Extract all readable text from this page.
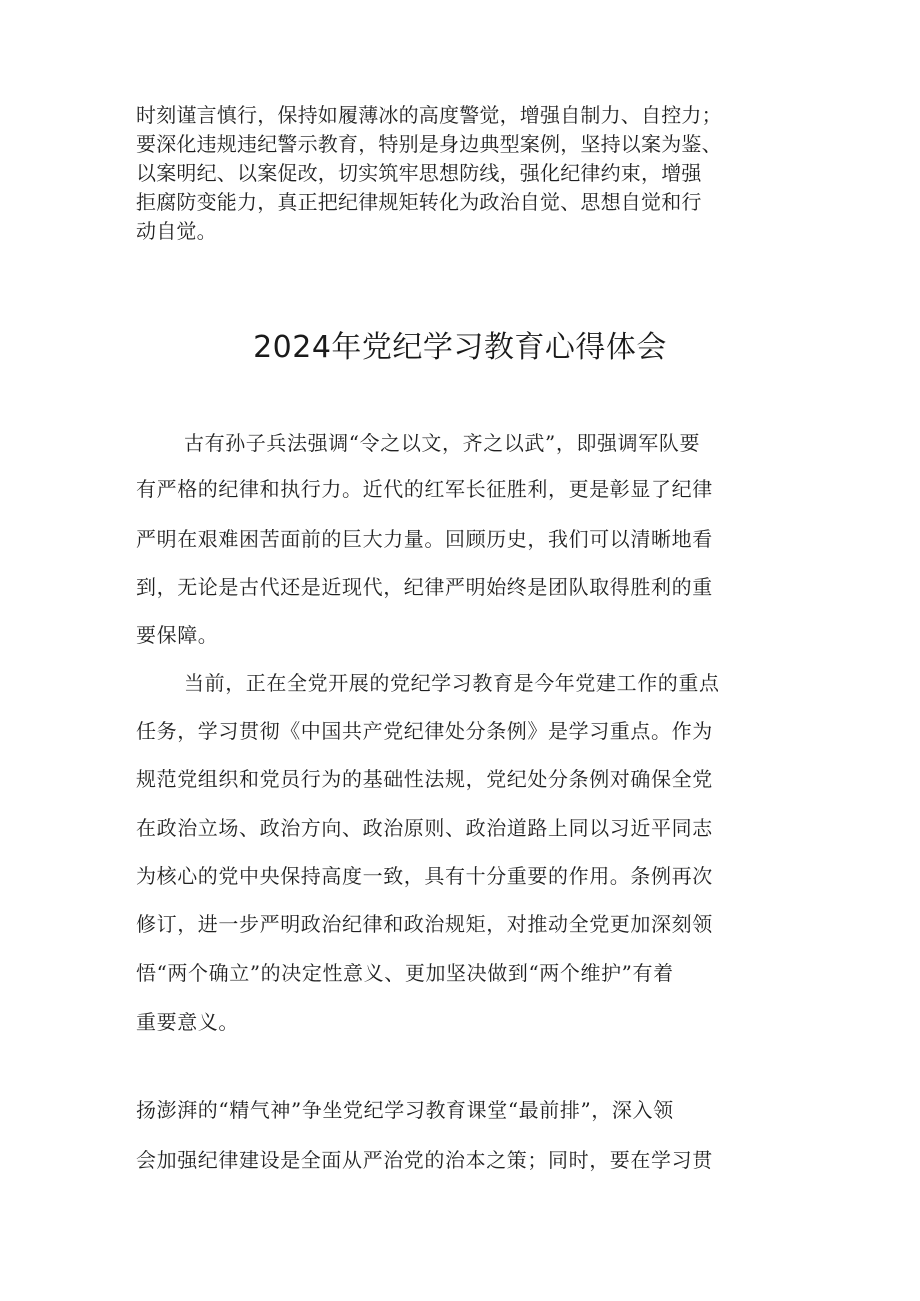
时刻谨言慎行，保持如履薄冰的高度警觉，增强自制力、自控力；
要深化违规违纪警示教育，特别是身边典型案例，坚持以案为鉴、
以案明纪、以案促改，切实筑牢思想防线，强化纪律约束，增强
拒腐防变能力，真正把纪律规矩转化为政治自觉、思想自觉和行
动自觉。
2024年党纪学习教育心得体会
古有孙子兵法强调“令之以文，齐之以武”，即强调军队要
有严格的纪律和执行力。近代的红军长征胜利，更是彰显了纪律
严明在艰难困苦面前的巨大力量。回顾历史，我们可以清晰地看
到，无论是古代还是近现代，纪律严明始终是团队取得胜利的重
要保障。
当前，正在全党开展的党纪学习教育是今年党建工作的重点
任务，学习贯彻《中国共产党纪律处分条例》是学习重点。作为
规范党组织和党员行为的基础性法规，党纪处分条例对确保全党
在政治立场、政治方向、政治原则、政治道路上同以习近平同志
为核心的党中央保持高度一致，具有十分重要的作用。条例再次
修订，进一步严明政治纪律和政治规矩，对推动全党更加深刻领
悟“两个确立”的决定性意义、更加坚决做到“两个维护”有着
重要意义。
扬澎湃的“精气神”争坐党纪学习教育课堂“最前排”，深入领
会加强纪律建设是全面从严治党的治本之策；同时，要在学习贯
